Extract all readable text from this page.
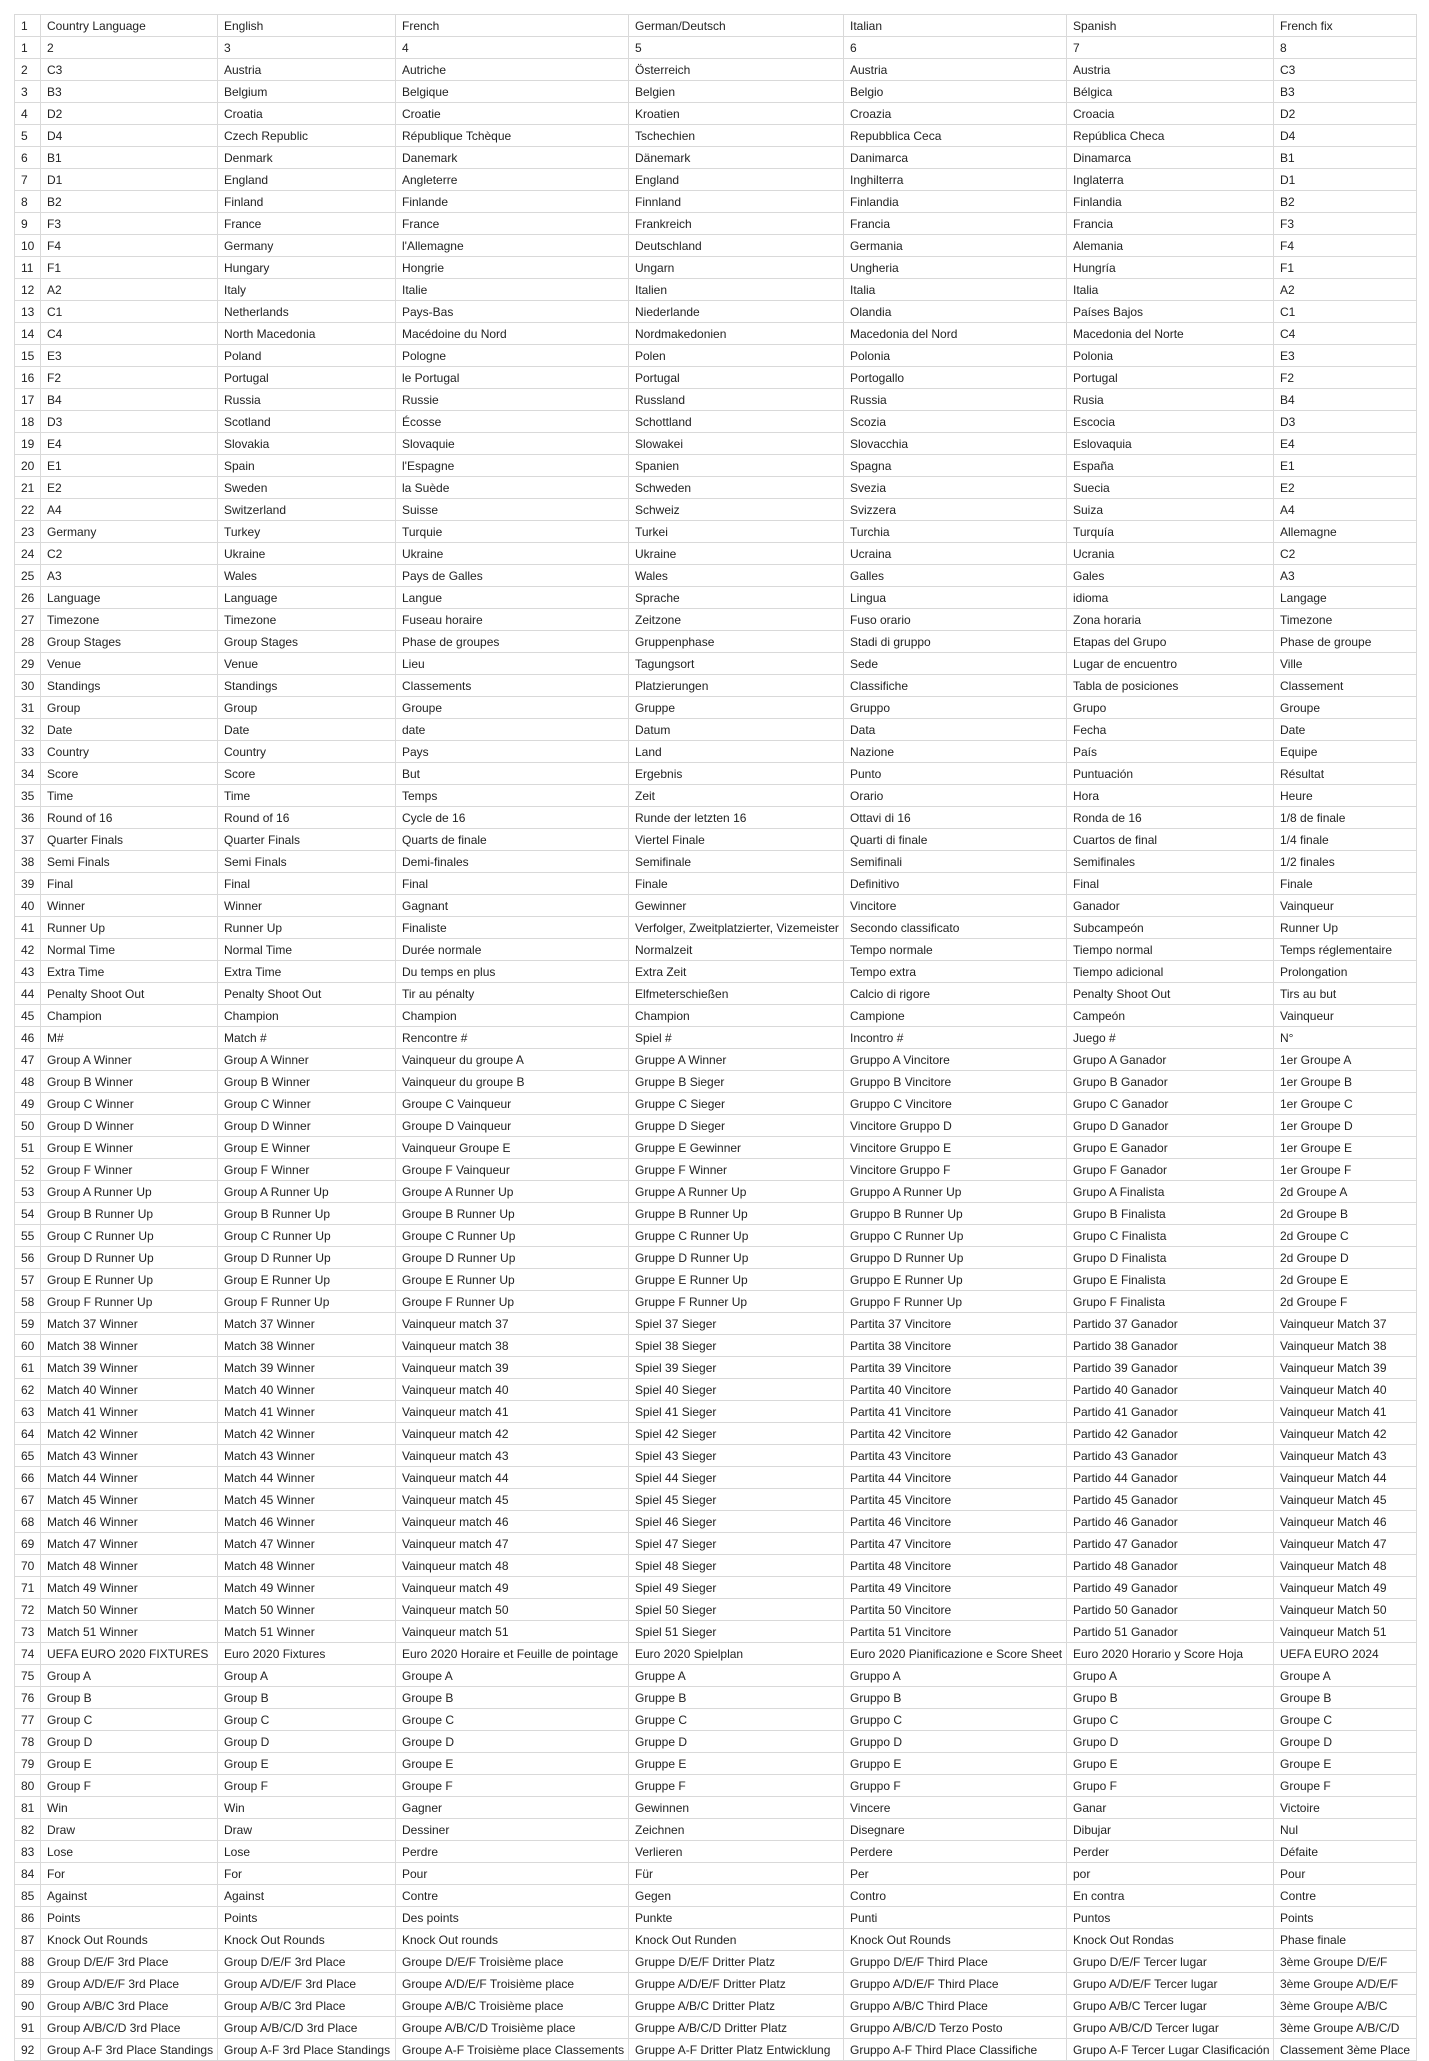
1	Country Language	English	French	German/Deutsch	Italian	Spanish	French fix
1	2	3	4	5	6	7	8
2	C3	Austria	Autriche	Österreich	Austria	Austria	C3
3	B3	Belgium	Belgique	Belgien	Belgio	Bélgica	B3
4	D2	Croatia	Croatie	Kroatien	Croazia	Croacia	D2
5	D4	Czech Republic	République Tchèque	Tschechien	Repubblica Ceca	República Checa	D4
6	B1	Denmark	Danemark	Dänemark	Danimarca	Dinamarca	B1
7	D1	England	Angleterre	England	Inghilterra	Inglaterra	D1
8	B2	Finland	Finlande	Finnland	Finlandia	Finlandia	B2
9	F3	France	France	Frankreich	Francia	Francia	F3
10	F4	Germany	l'Allemagne	Deutschland	Germania	Alemania	F4
11	F1	Hungary	Hongrie	Ungarn	Ungheria	Hungría	F1
12	A2	Italy	Italie	Italien	Italia	Italia	A2
13	C1	Netherlands	Pays-Bas	Niederlande	Olandia	Países Bajos	C1
14	C4	North Macedonia	Macédoine du Nord	Nordmakedonien	Macedonia del Nord	Macedonia del Norte	C4
15	E3	Poland	Pologne	Polen	Polonia	Polonia	E3
16	F2	Portugal	le Portugal	Portugal	Portogallo	Portugal	F2
17	B4	Russia	Russie	Russland	Russia	Rusia	B4
18	D3	Scotland	Écosse	Schottland	Scozia	Escocia	D3
19	E4	Slovakia	Slovaquie	Slowakei	Slovacchia	Eslovaquia	E4
20	E1	Spain	l'Espagne	Spanien	Spagna	España	E1
21	E2	Sweden	la Suède	Schweden	Svezia	Suecia	E2
22	A4	Switzerland	Suisse	Schweiz	Svizzera	Suiza	A4
23	Germany	Turkey	Turquie	Turkei	Turchia	Turquía	Allemagne
24	C2	Ukraine	Ukraine	Ukraine	Ucraina	Ucrania	C2
25	A3	Wales	Pays de Galles	Wales	Galles	Gales	A3
26	Language	Language	Langue	Sprache	Lingua	idioma	Langage
27	Timezone	Timezone	Fuseau horaire	Zeitzone	Fuso orario	Zona horaria	Timezone
28	Group Stages	Group Stages	Phase de groupes	Gruppenphase	Stadi di gruppo	Etapas del Grupo	Phase de groupe
29	Venue	Venue	Lieu	Tagungsort	Sede	Lugar de encuentro	Ville
30	Standings	Standings	Classements	Platzierungen	Classifiche	Tabla de posiciones	Classement
31	Group	Group	Groupe	Gruppe	Gruppo	Grupo	Groupe
32	Date	Date	date	Datum	Data	Fecha	Date
33	Country	Country	Pays	Land	Nazione	País	Equipe
34	Score	Score	But	Ergebnis	Punto	Puntuación	Résultat
35	Time	Time	Temps	Zeit	Orario	Hora	Heure
36	Round of 16	Round of 16	Cycle de 16	Runde der letzten 16	Ottavi di 16	Ronda de 16	1/8 de finale
37	Quarter Finals	Quarter Finals	Quarts de finale	Viertel Finale	Quarti di finale	Cuartos de final	1/4 finale
38	Semi Finals	Semi Finals	Demi-finales	Semifinale	Semifinali	Semifinales	1/2 finales
39	Final	Final	Final	Finale	Definitivo	Final	Finale
40	Winner	Winner	Gagnant	Gewinner	Vincitore	Ganador	Vainqueur
41	Runner Up	Runner Up	Finaliste	Verfolger, Zweitplatzierter, Vizemeister	Secondo classificato	Subcampeón	Runner Up
42	Normal Time	Normal Time	Durée normale	Normalzeit	Tempo normale	Tiempo normal	Temps réglementaire
43	Extra Time	Extra Time	Du temps en plus	Extra Zeit	Tempo extra	Tiempo adicional	Prolongation
44	Penalty Shoot Out	Penalty Shoot Out	Tir au pénalty	Elfmeterschießen	Calcio di rigore	Penalty Shoot Out	Tirs au but
45	Champion	Champion	Champion	Champion	Campione	Campeón	Vainqueur
46	M#	Match #	Rencontre #	Spiel #	Incontro #	Juego #	N°
47	Group A Winner	Group A Winner	Vainqueur du groupe A	Gruppe A Winner	Gruppo A Vincitore	Grupo A Ganador	1er Groupe A
48	Group B Winner	Group B Winner	Vainqueur du groupe B	Gruppe B Sieger	Gruppo B Vincitore	Grupo B Ganador	1er Groupe B
49	Group C Winner	Group C Winner	Groupe C Vainqueur	Gruppe C Sieger	Gruppo C Vincitore	Grupo C Ganador	1er Groupe C
50	Group D Winner	Group D Winner	Groupe D Vainqueur	Gruppe D Sieger	Vincitore Gruppo D	Grupo D Ganador	1er Groupe D
51	Group E Winner	Group E Winner	Vainqueur Groupe E	Gruppe E Gewinner	Vincitore Gruppo E	Grupo E Ganador	1er Groupe E
52	Group F Winner	Group F Winner	Groupe F Vainqueur	Gruppe F Winner	Vincitore Gruppo F	Grupo F Ganador	1er Groupe F
53	Group A Runner Up	Group A Runner Up	Groupe A Runner Up	Gruppe A Runner Up	Gruppo A Runner Up	Grupo A Finalista	2d Groupe A
54	Group B Runner Up	Group B Runner Up	Groupe B Runner Up	Gruppe B Runner Up	Gruppo B Runner Up	Grupo B Finalista	2d Groupe B
55	Group C Runner Up	Group C Runner Up	Groupe C Runner Up	Gruppe C Runner Up	Gruppo C Runner Up	Grupo C Finalista	2d Groupe C
56	Group D Runner Up	Group D Runner Up	Groupe D Runner Up	Gruppe D Runner Up	Gruppo D Runner Up	Grupo D Finalista	2d Groupe D
57	Group E Runner Up	Group E Runner Up	Groupe E Runner Up	Gruppe E Runner Up	Gruppo E Runner Up	Grupo E Finalista	2d Groupe E
58	Group F Runner Up	Group F Runner Up	Groupe F Runner Up	Gruppe F Runner Up	Gruppo F Runner Up	Grupo F Finalista	2d Groupe F
59	Match 37 Winner	Match 37 Winner	Vainqueur match 37	Spiel 37 Sieger	Partita 37 Vincitore	Partido 37 Ganador	Vainqueur Match 37
60	Match 38 Winner	Match 38 Winner	Vainqueur match 38	Spiel 38 Sieger	Partita 38 Vincitore	Partido 38 Ganador	Vainqueur Match 38
61	Match 39 Winner	Match 39 Winner	Vainqueur match 39	Spiel 39 Sieger	Partita 39 Vincitore	Partido 39 Ganador	Vainqueur Match 39
62	Match 40 Winner	Match 40 Winner	Vainqueur match 40	Spiel 40 Sieger	Partita 40 Vincitore	Partido 40 Ganador	Vainqueur Match 40
63	Match 41 Winner	Match 41 Winner	Vainqueur match 41	Spiel 41 Sieger	Partita 41 Vincitore	Partido 41 Ganador	Vainqueur Match 41
64	Match 42 Winner	Match 42 Winner	Vainqueur match 42	Spiel 42 Sieger	Partita 42 Vincitore	Partido 42 Ganador	Vainqueur Match 42
65	Match 43 Winner	Match 43 Winner	Vainqueur match 43	Spiel 43 Sieger	Partita 43 Vincitore	Partido 43 Ganador	Vainqueur Match 43
66	Match 44 Winner	Match 44 Winner	Vainqueur match 44	Spiel 44 Sieger	Partita 44 Vincitore	Partido 44 Ganador	Vainqueur Match 44
67	Match 45 Winner	Match 45 Winner	Vainqueur match 45	Spiel 45 Sieger	Partita 45 Vincitore	Partido 45 Ganador	Vainqueur Match 45
68	Match 46 Winner	Match 46 Winner	Vainqueur match 46	Spiel 46 Sieger	Partita 46 Vincitore	Partido 46 Ganador	Vainqueur Match 46
69	Match 47 Winner	Match 47 Winner	Vainqueur match 47	Spiel 47 Sieger	Partita 47 Vincitore	Partido 47 Ganador	Vainqueur Match 47
70	Match 48 Winner	Match 48 Winner	Vainqueur match 48	Spiel 48 Sieger	Partita 48 Vincitore	Partido 48 Ganador	Vainqueur Match 48
71	Match 49 Winner	Match 49 Winner	Vainqueur match 49	Spiel 49 Sieger	Partita 49 Vincitore	Partido 49 Ganador	Vainqueur Match 49
72	Match 50 Winner	Match 50 Winner	Vainqueur match 50	Spiel 50 Sieger	Partita 50 Vincitore	Partido 50 Ganador	Vainqueur Match 50
73	Match 51 Winner	Match 51 Winner	Vainqueur match 51	Spiel 51 Sieger	Partita 51 Vincitore	Partido 51 Ganador	Vainqueur Match 51
74	UEFA EURO 2020 FIXTURES	Euro 2020 Fixtures	Euro 2020 Horaire et Feuille de pointage	Euro 2020 Spielplan	Euro 2020 Pianificazione e Score Sheet	Euro 2020 Horario y Score Hoja	UEFA EURO 2024
75	Group A	Group A	Groupe A	Gruppe A	Gruppo A	Grupo A	Groupe A
76	Group B	Group B	Groupe B	Gruppe B	Gruppo B	Grupo B	Groupe B
77	Group C	Group C	Groupe C	Gruppe C	Gruppo C	Grupo C	Groupe C
78	Group D	Group D	Groupe D	Gruppe D	Gruppo D	Grupo D	Groupe D
79	Group E	Group E	Groupe E	Gruppe E	Gruppo E	Grupo E	Groupe E
80	Group F	Group F	Groupe F	Gruppe F	Gruppo F	Grupo F	Groupe F
81	Win	Win	Gagner	Gewinnen	Vincere	Ganar	Victoire
82	Draw	Draw	Dessiner	Zeichnen	Disegnare	Dibujar	Nul
83	Lose	Lose	Perdre	Verlieren	Perdere	Perder	Défaite
84	For	For	Pour	Für	Per	por	Pour
85	Against	Against	Contre	Gegen	Contro	En contra	Contre
86	Points	Points	Des points	Punkte	Punti	Puntos	Points
87	Knock Out Rounds	Knock Out Rounds	Knock Out rounds	Knock Out Runden	Knock Out Rounds	Knock Out Rondas	Phase finale
88	Group D/E/F 3rd Place	Group D/E/F 3rd Place	Groupe D/E/F Troisième place	Gruppe D/E/F Dritter Platz	Gruppo D/E/F Third Place	Grupo D/E/F Tercer lugar	3ème Groupe D/E/F
89	Group A/D/E/F 3rd Place	Group A/D/E/F 3rd Place	Groupe A/D/E/F Troisième place	Gruppe A/D/E/F Dritter Platz	Gruppo A/D/E/F Third Place	Grupo A/D/E/F Tercer lugar	3ème Groupe A/D/E/F
90	Group A/B/C 3rd Place	Group A/B/C 3rd Place	Groupe A/B/C Troisième place	Gruppe A/B/C Dritter Platz	Gruppo A/B/C Third Place	Grupo A/B/C Tercer lugar	3ème Groupe A/B/C
91	Group A/B/C/D 3rd Place	Group A/B/C/D 3rd Place	Groupe A/B/C/D Troisième place	Gruppe A/B/C/D Dritter Platz	Gruppo A/B/C/D Terzo Posto	Grupo A/B/C/D Tercer lugar	3ème Groupe A/B/C/D
92	Group A-F 3rd Place Standings	Group A-F 3rd Place Standings	Groupe A-F Troisième place Classements	Gruppe A-F Dritter Platz Entwicklung	Gruppo A-F Third Place Classifiche	Grupo A-F Tercer Lugar Clasificación	Classement 3ème Place
